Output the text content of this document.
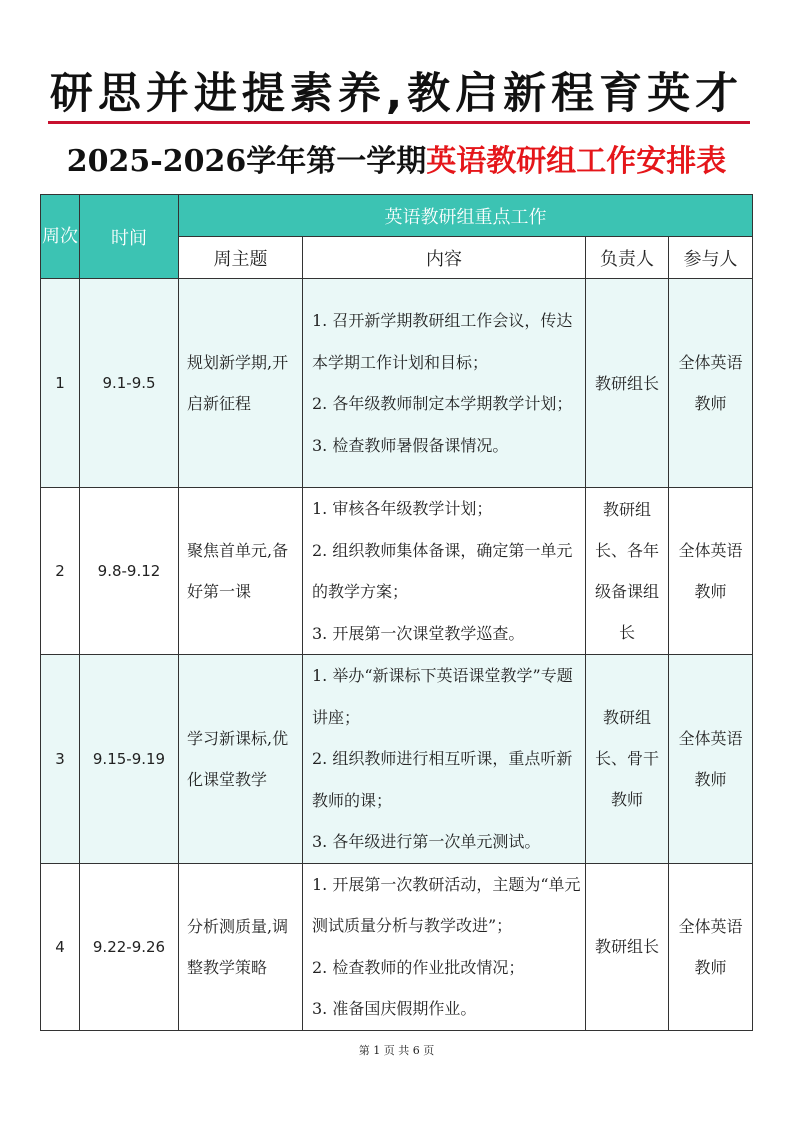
研思并进提素养,教启新程育英才
2025-2026学年第一学期英语教研组工作安排表
周次	时间	英语教研组重点工作			
		周主题	内容	负责人	参与人
1	9.1-9.5	规划新学期,开启新征程	1. 召开新学期教研组工作会议，传达本学期工作计划和目标；

2. 各年级教师制定本学期教学计划；

3. 检查教师暑假备课情况。	教研组长	全体英语教师
2	9.8-9.12	聚焦首单元,备好第一课	1. 审核各年级教学计划；

2. 组织教师集体备课，确定第一单元的教学方案；

3. 开展第一次课堂教学巡查。	教研组长、各年级备课组长	全体英语教师
3	9.15-9.19	学习新课标,优化课堂教学	1. 举办“新课标下英语课堂教学”专题讲座；

2. 组织教师进行相互听课，重点听新教师的课；

3. 各年级进行第一次单元测试。	教研组长、骨干教师	全体英语教师
4	9.22-9.26	分析测质量,调整教学策略	1. 开展第一次教研活动，主题为“单元测试质量分析与教学改进”；

2. 检查教师的作业批改情况；

3. 准备国庆假期作业。	教研组长	全体英语教师
第 1 页 共 6 页
